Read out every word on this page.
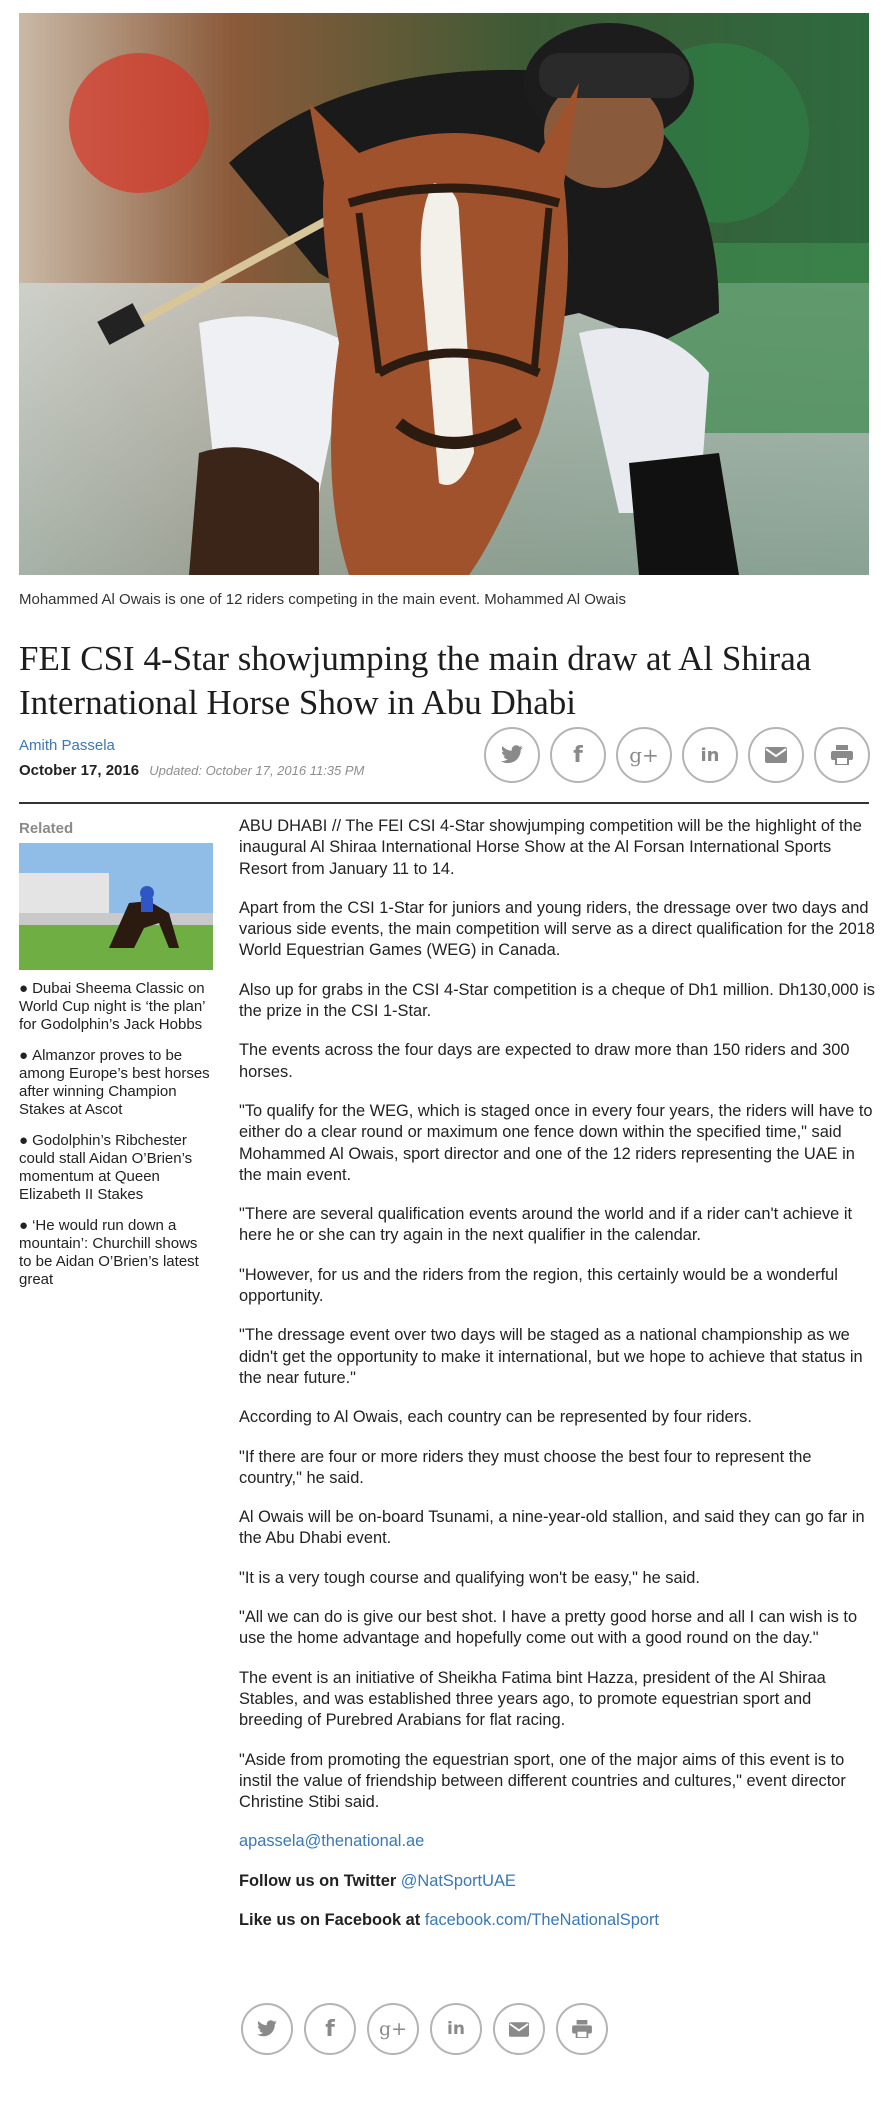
Mohammed Al Owais is one of 12 riders competing in the main event. Mohammed Al Owais
FEI CSI 4-Star showjumping the main draw at Al Shiraa International Horse Show in Abu Dhabi
Amith Passela
October 17, 2016 Updated: October 17, 2016 11:35 PM
f g+ in
Related
● Dubai Sheema Classic on World Cup night is ‘the plan’ for Godolphin’s Jack Hobbs
● Almanzor proves to be among Europe’s best horses after winning Champion Stakes at Ascot
● Godolphin’s Ribchester could stall Aidan O’Brien’s momentum at Queen Elizabeth II Stakes
● ‘He would run down a mountain’: Churchill shows to be Aidan O’Brien’s latest great

ABU DHABI // The FEI CSI 4-Star showjumping competition will be the highlight of the inaugural Al Shiraa International Horse Show at the Al Forsan International Sports Resort from January 11 to 14.

Apart from the CSI 1-Star for juniors and young riders, the dressage over two days and various side events, the main competition will serve as a direct qualification for the 2018 World Equestrian Games (WEG) in Canada.

Also up for grabs in the CSI 4-Star competition is a cheque of Dh1 million. Dh130,000 is the prize in the CSI 1-Star.

The events across the four days are expected to draw more than 150 riders and 300 horses.

"To qualify for the WEG, which is staged once in every four years, the riders will have to either do a clear round or maximum one fence down within the specified time," said Mohammed Al Owais, sport director and one of the 12 riders representing the UAE in the main event.

"There are several qualification events around the world and if a rider can't achieve it here he or she can try again in the next qualifier in the calendar.

"However, for us and the riders from the region, this certainly would be a wonderful opportunity.

"The dressage event over two days will be staged as a national championship as we didn't get the opportunity to make it international, but we hope to achieve that status in the near future."

According to Al Owais, each country can be represented by four riders.

"If there are four or more riders they must choose the best four to represent the country," he said.

Al Owais will be on-board Tsunami, a nine-year-old stallion, and said they can go far in the Abu Dhabi event.

"It is a very tough course and qualifying won't be easy," he said.

"All we can do is give our best shot. I have a pretty good horse and all I can wish is to use the home advantage and hopefully come out with a good round on the day."

The event is an initiative of Sheikha Fatima bint Hazza, president of the Al Shiraa Stables, and was established three years ago, to promote equestrian sport and breeding of Purebred Arabians for flat racing.

"Aside from promoting the equestrian sport, one of the major aims of this event is to instil the value of friendship between different countries and cultures," event director Christine Stibi said.

apassela@thenational.ae

Follow us on Twitter @NatSportUAE

Like us on Facebook at facebook.com/TheNationalSport

f g+ in
